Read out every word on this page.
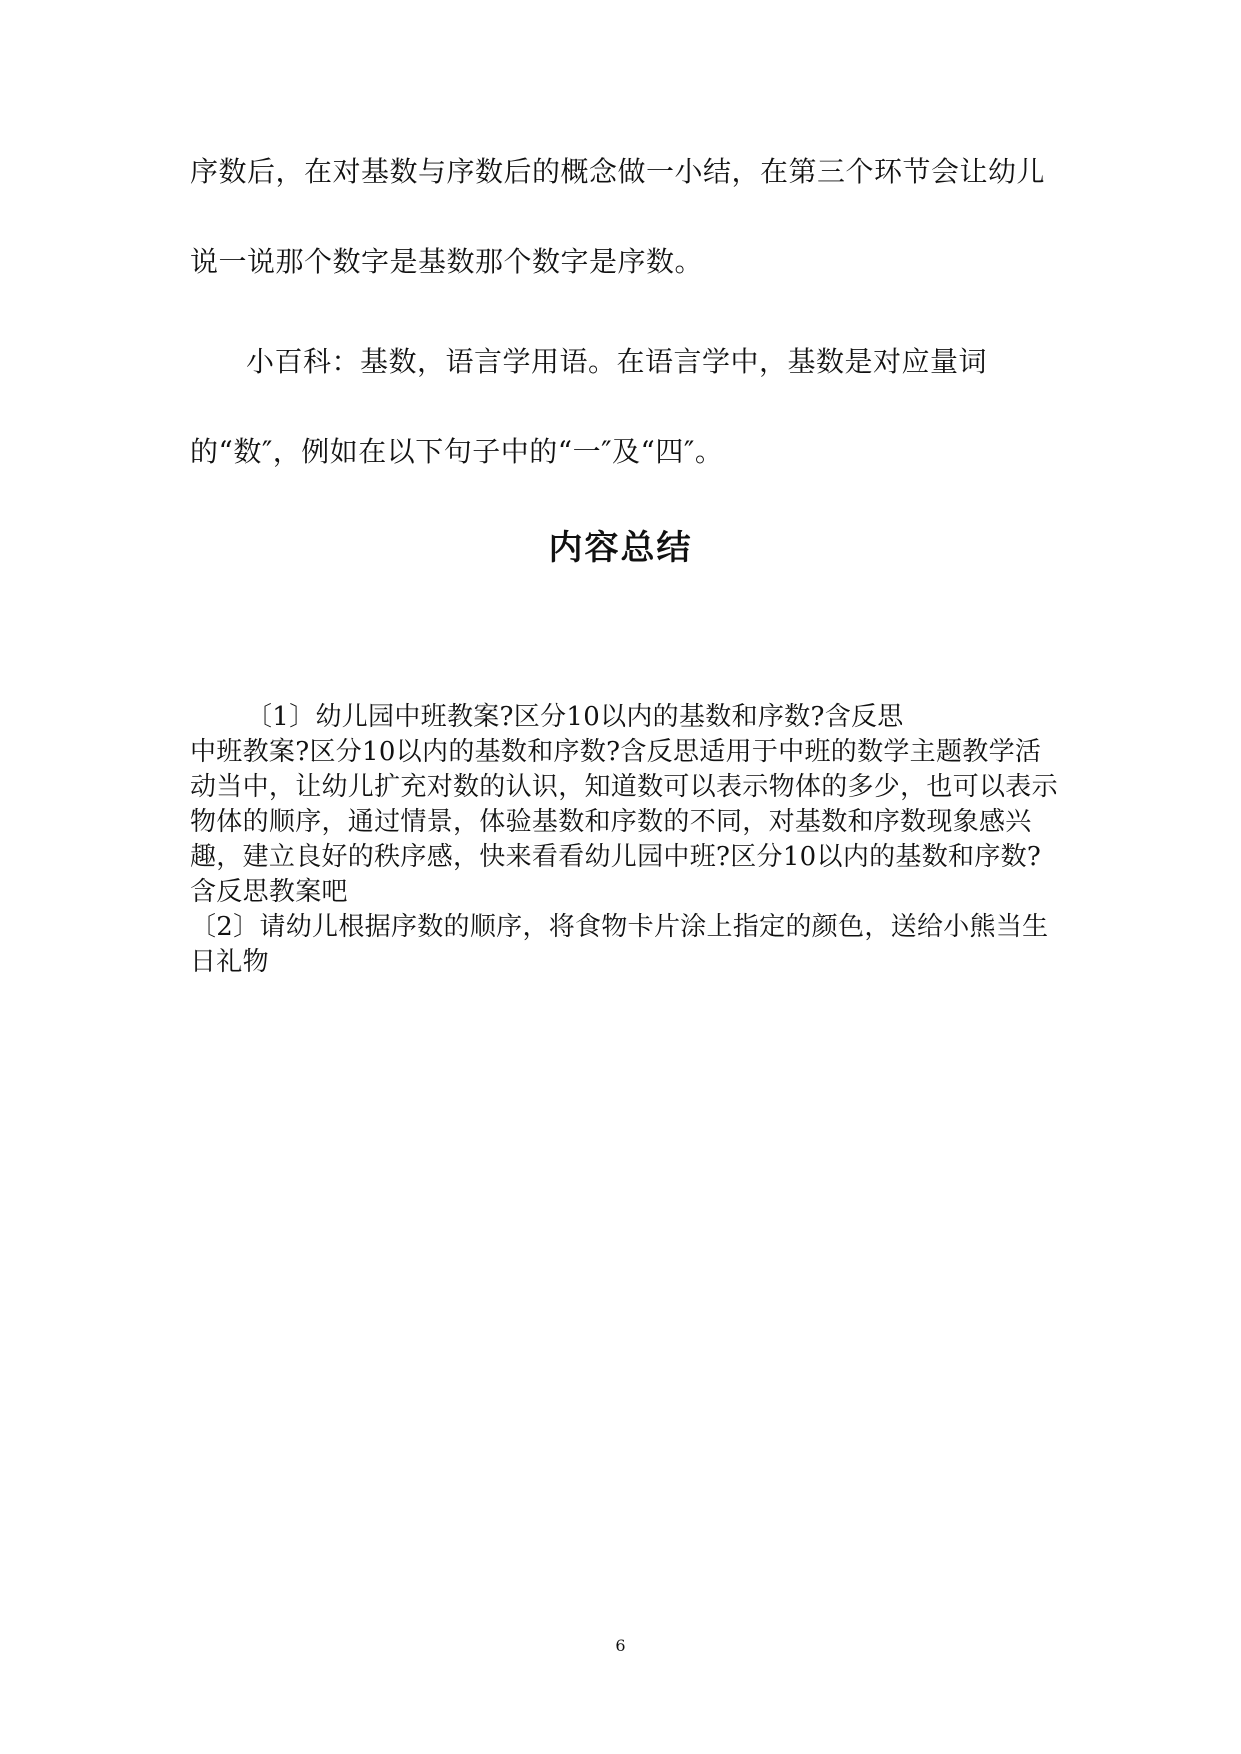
序数后，在对基数与序数后的概念做一小结，在第三个环节会让幼儿说一说那个数字是基数那个数字是序数。

小百科：基数，语言学用语。在语言学中，基数是对应量词的“数″，例如在以下句子中的“一″及“四″。

内容总结

〔1〕幼儿园中班教案?区分10以内的基数和序数?含反思

中班教案?区分10以内的基数和序数?含反思适用于中班的数学主题教学活动当中，让幼儿扩充对数的认识，知道数可以表示物体的多少，也可以表示物体的顺序，通过情景，体验基数和序数的不同，对基数和序数现象感兴趣，建立良好的秩序感，快来看看幼儿园中班?区分10以内的基数和序数?含反思教案吧

〔2〕请幼儿根据序数的顺序，将食物卡片涂上指定的颜色，送给小熊当生日礼物

6
